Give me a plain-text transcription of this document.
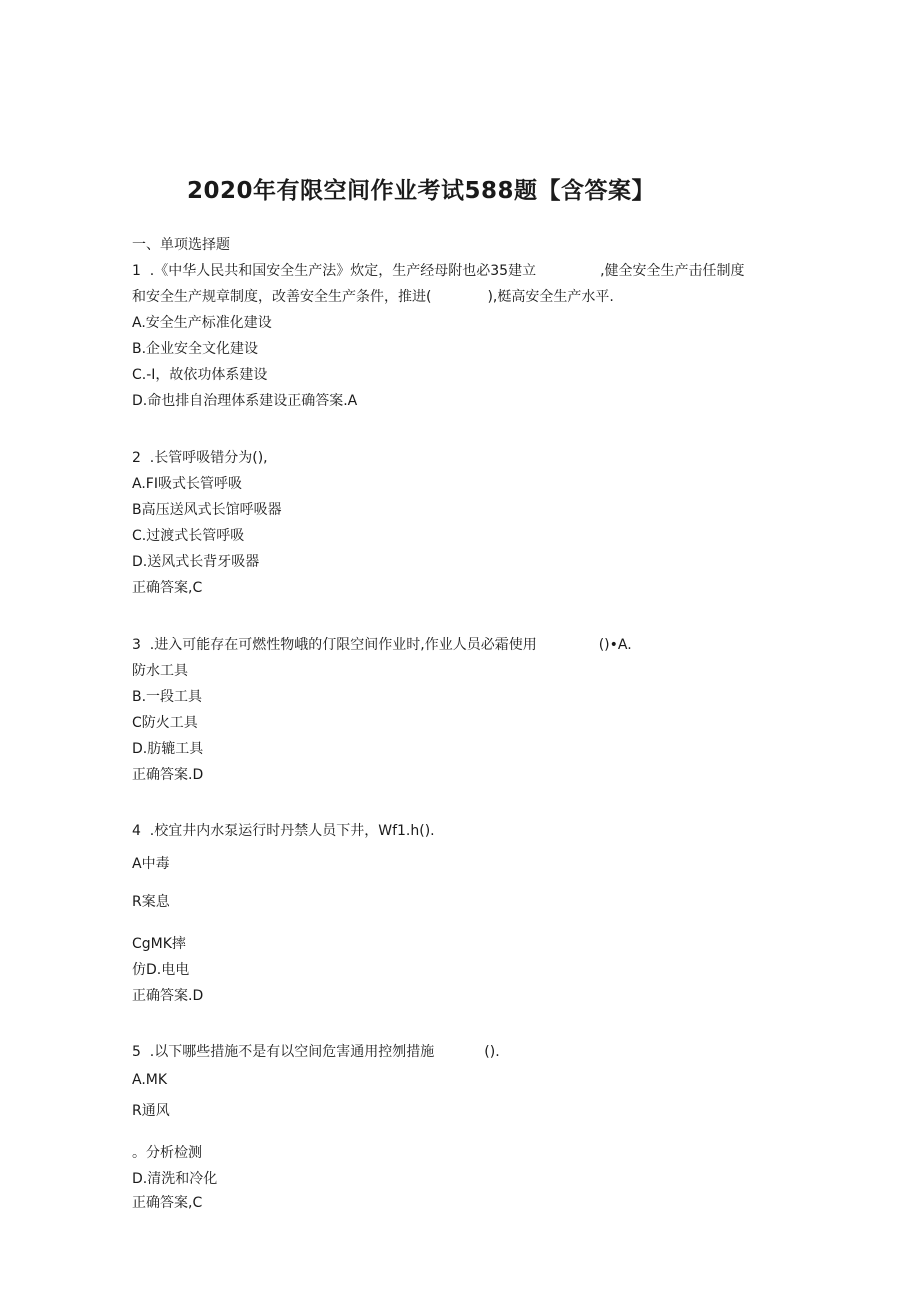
2020年有限空间作业考试588题【含答案】
一、单项选择题
1  .《中华人民共和国安全生产法》炊定，生产经母附也必35建立	,健全安全生产击任制度
和安全生产规章制度，改善安全生产条件，推进(	),梃高安全生产水平.
A.安全生产标准化建设
B.企业安全文化建设
C.-I，故依功体系建设
D.命也排自治理体系建设正确答案.A
2  .长管呼吸错分为(),
A.FI吸式长管呼吸
B高压送风式长馆呼吸器
C.过渡式长管呼吸
D.送风式长背牙吸器
正确答案,C
3  .进入可能存在可燃性物峨的仃限空间作业时,作业人员必霜使用	()•A.
防水工具
B.一段工具
C防火工具
D.肪辘工具
正确答案.D
4  .校宜井内水泵运行时丹禁人员下井，Wf1.h().
A中毒
R案息
CgMK摔
仿D.电电
正确答案.D
5  .以下哪些措施不是有以空间危害通用控刎措施	().
A.MK
R通风
。分析检测
D.清洗和冷化
正确答案,C
